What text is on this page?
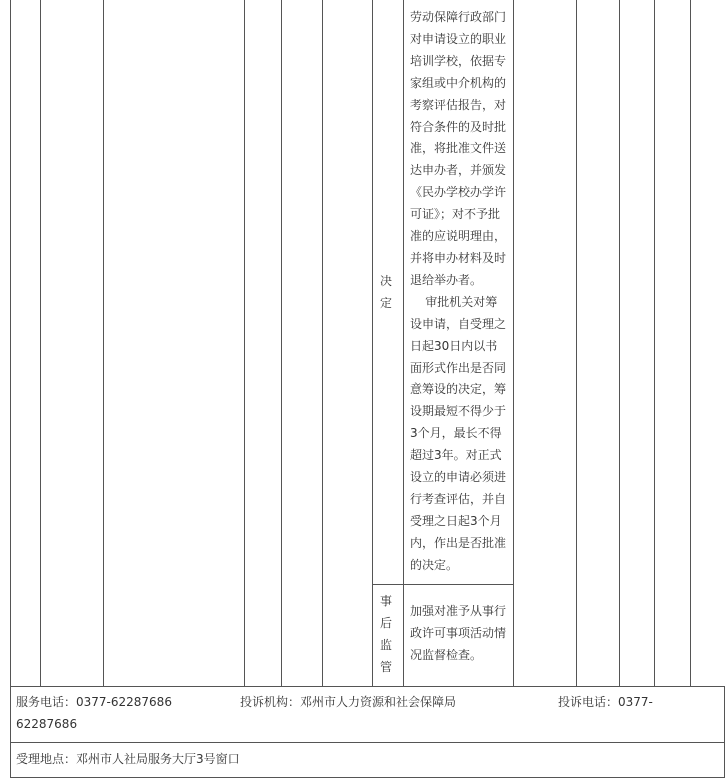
决定
劳动保障行政部门对申请设立的职业培训学校，依据专家组或中介机构的考察评估报告，对符合条件的及时批准，将批准文件送达申办者，并颁发《民办学校办学许可证》；对不予批准的应说明理由，并将申办材料及时退给举办者。
审批机关对筹设申请，自受理之日起30日内以书面形式作出是否同意筹设的决定，筹设期最短不得少于3个月，最长不得超过3年。对正式设立的申请必须进行考查评估，并自受理之日起3个月内，作出是否批准的决定。
事后监管
加强对准予从事行政许可事项活动情况监督检查。
服务电话： 0377-62287686	投诉机构： 邓州市人力资源和社会保障局	投诉电话： 0377-
62287686
受理地点： 邓州市人社局服务大厅3号窗口
